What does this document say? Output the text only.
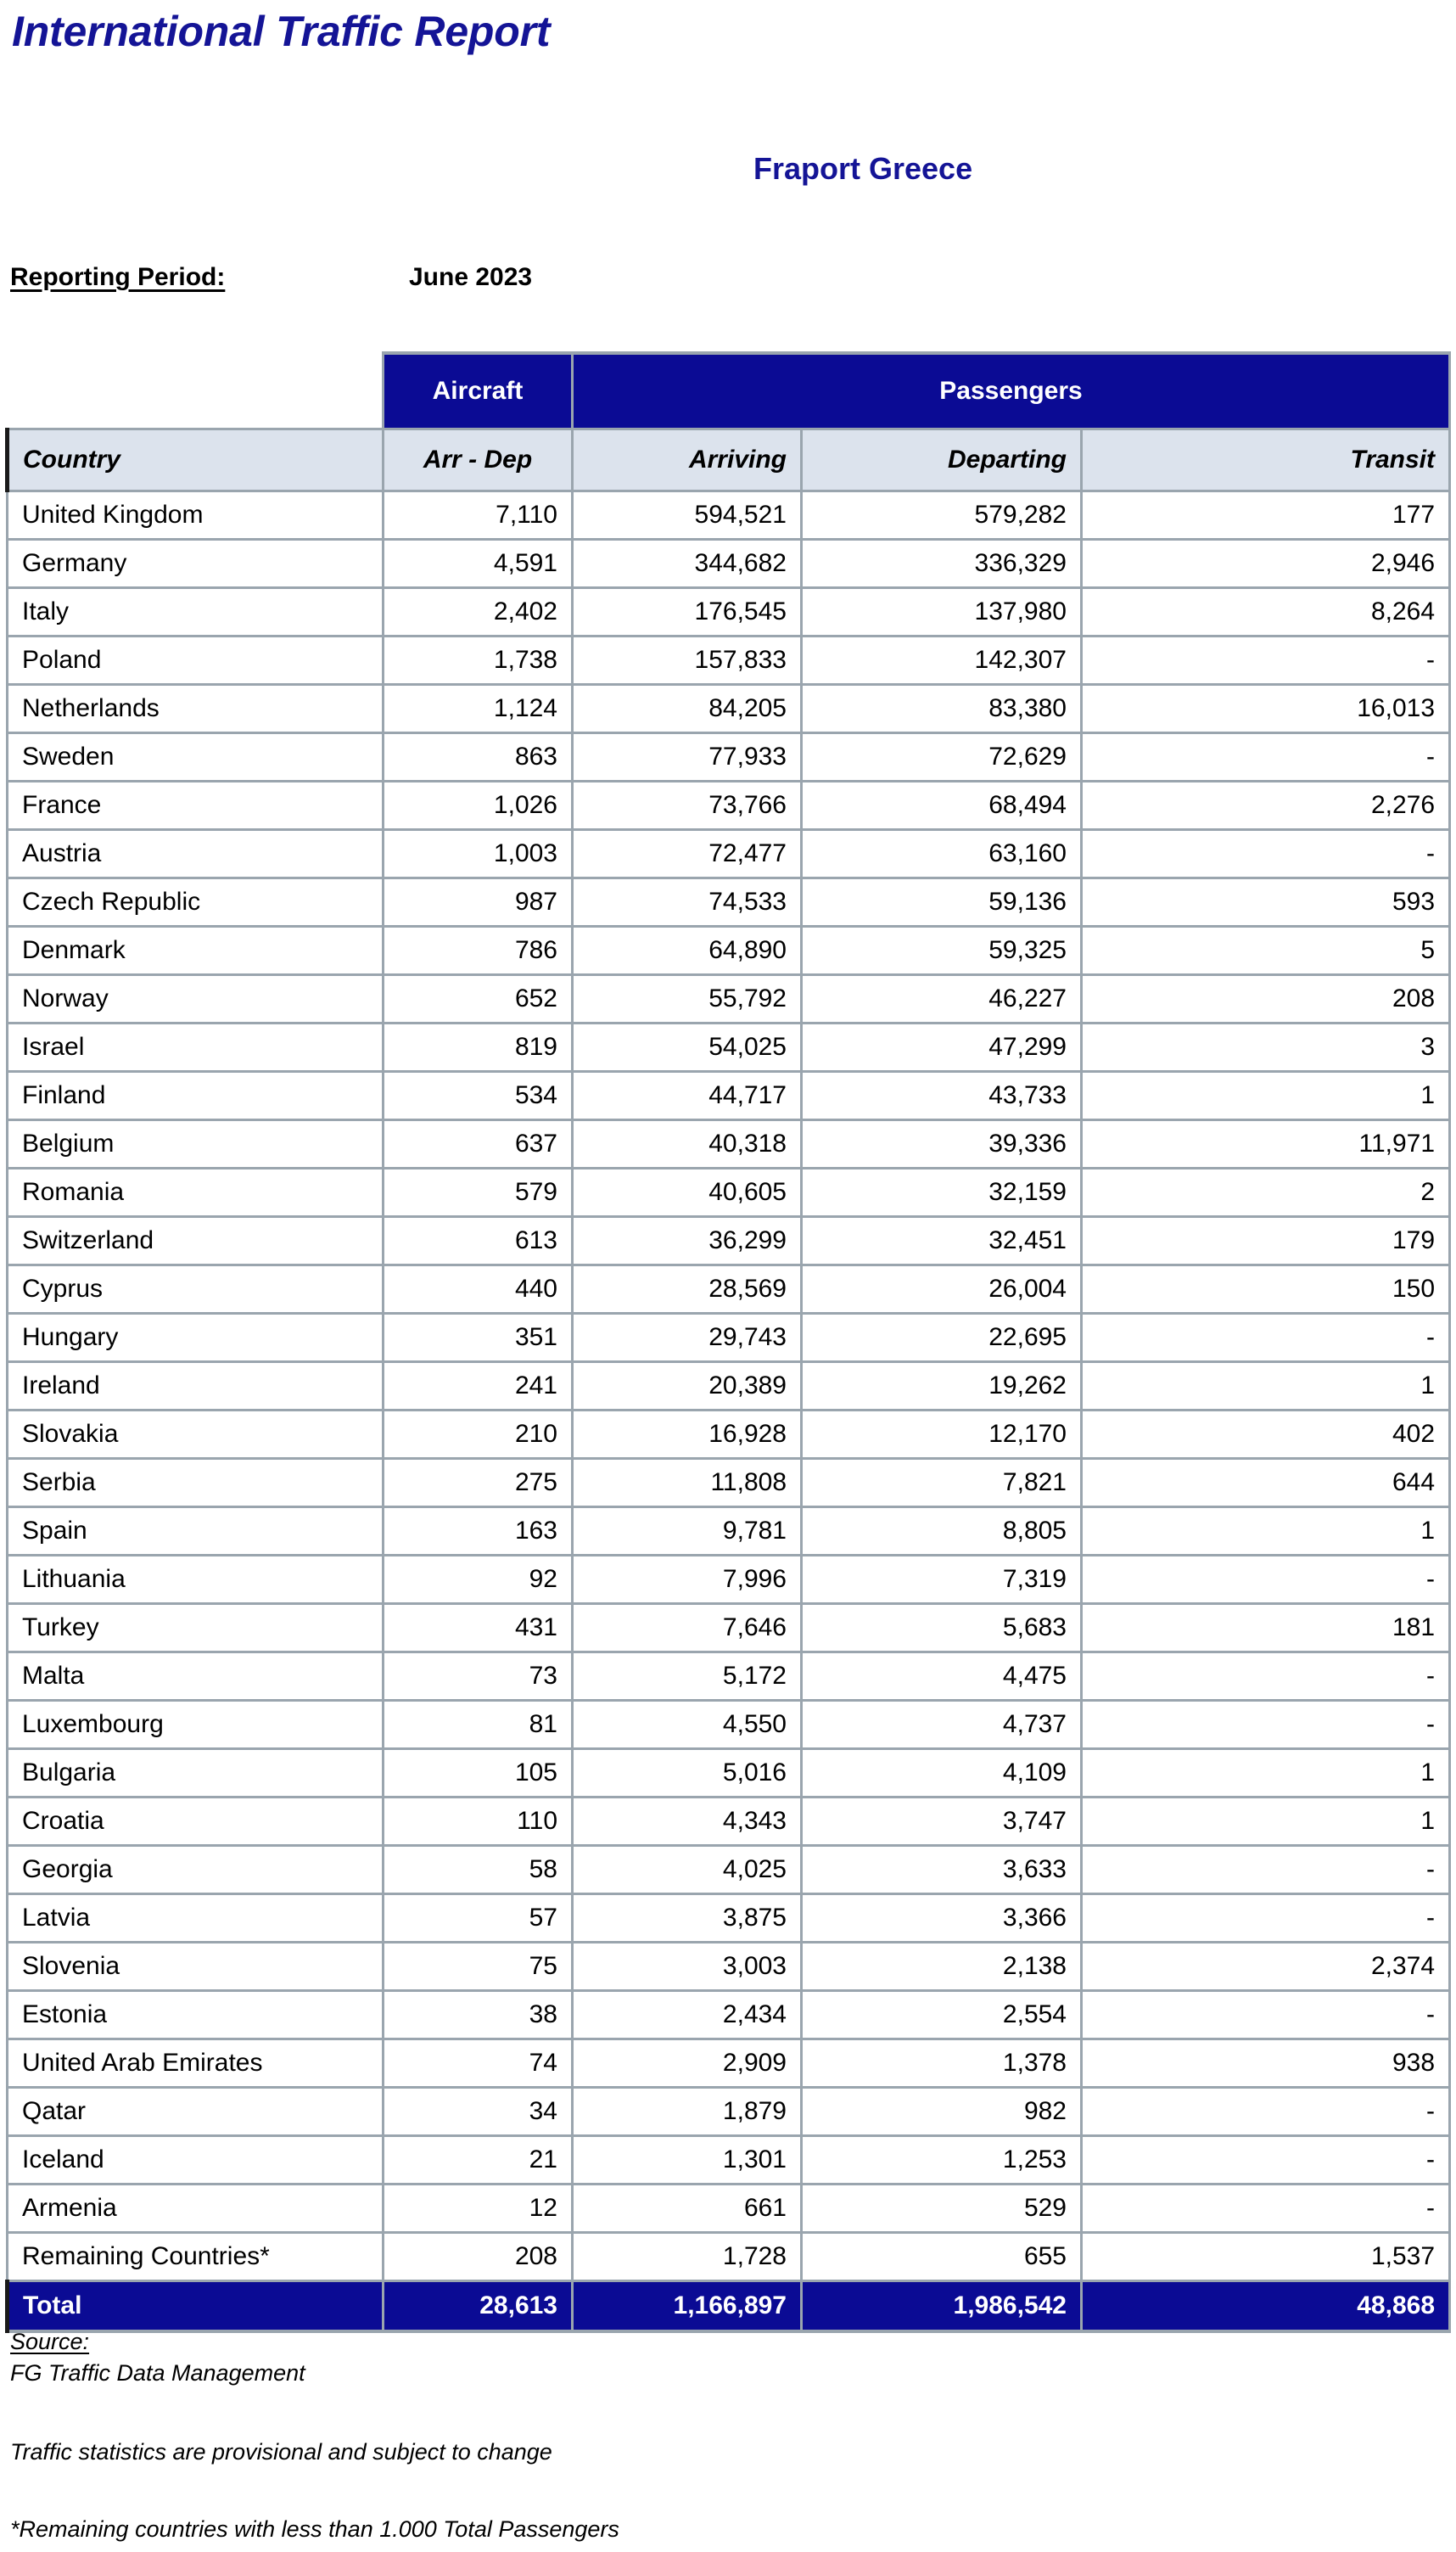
International Traffic Report
Fraport Greece
Reporting Period:	June 2023
	Aircraft	Passengers		
Country	Arr - Dep	Arriving	Departing	Transit
United Kingdom	7,110	594,521	579,282	177
Germany	4,591	344,682	336,329	2,946
Italy	2,402	176,545	137,980	8,264
Poland	1,738	157,833	142,307	-
Netherlands	1,124	84,205	83,380	16,013
Sweden	863	77,933	72,629	-
France	1,026	73,766	68,494	2,276
Austria	1,003	72,477	63,160	-
Czech Republic	987	74,533	59,136	593
Denmark	786	64,890	59,325	5
Norway	652	55,792	46,227	208
Israel	819	54,025	47,299	3
Finland	534	44,717	43,733	1
Belgium	637	40,318	39,336	11,971
Romania	579	40,605	32,159	2
Switzerland	613	36,299	32,451	179
Cyprus	440	28,569	26,004	150
Hungary	351	29,743	22,695	-
Ireland	241	20,389	19,262	1
Slovakia	210	16,928	12,170	402
Serbia	275	11,808	7,821	644
Spain	163	9,781	8,805	1
Lithuania	92	7,996	7,319	-
Turkey	431	7,646	5,683	181
Malta	73	5,172	4,475	-
Luxembourg	81	4,550	4,737	-
Bulgaria	105	5,016	4,109	1
Croatia	110	4,343	3,747	1
Georgia	58	4,025	3,633	-
Latvia	57	3,875	3,366	-
Slovenia	75	3,003	2,138	2,374
Estonia	38	2,434	2,554	-
United Arab Emirates	74	2,909	1,378	938
Qatar	34	1,879	982	-
Iceland	21	1,301	1,253	-
Armenia	12	661	529	-
Remaining Countries*	208	1,728	655	1,537
Total	28,613	1,166,897	1,986,542	48,868
Source:
FG Traffic Data Management
Traffic statistics are provisional and subject to change
*Remaining countries with less than 1.000 Total Passengers
